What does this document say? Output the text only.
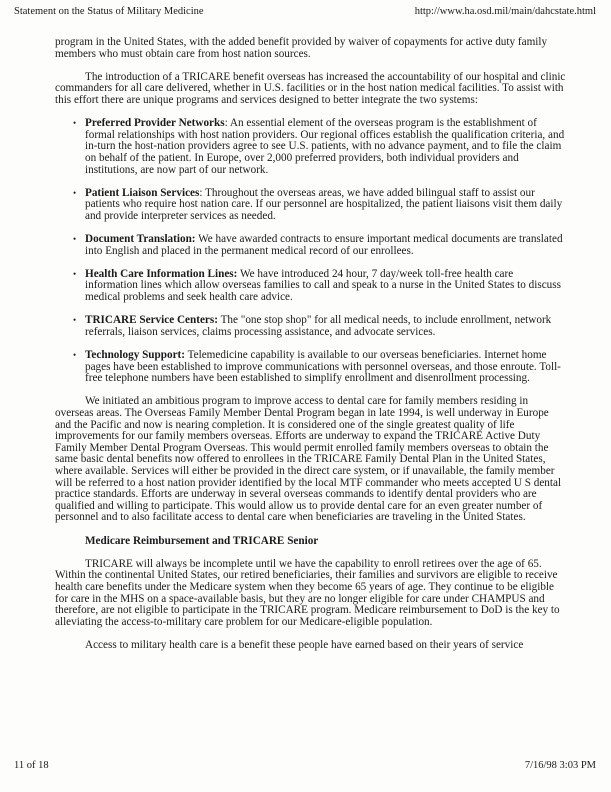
Statement on the Status of Military Medicine	http://www.ha.osd.mil/main/dahcstate.html

program in the United States, with the added benefit provided by waiver of copayments for active duty family members who must obtain care from host nation sources.

The introduction of a TRICARE benefit overseas has increased the accountability of our hospital and clinic commanders for all care delivered, whether in U.S. facilities or in the host nation medical facilities. To assist with this effort there are unique programs and services designed to better integrate the two systems:

• Preferred Provider Networks: An essential element of the overseas program is the establishment of formal relationships with host nation providers. Our regional offices establish the qualification criteria, and in-turn the host-nation providers agree to see U.S. patients, with no advance payment, and to file the claim on behalf of the patient. In Europe, over 2,000 preferred providers, both individual providers and institutions, are now part of our network.
• Patient Liaison Services: Throughout the overseas areas, we have added bilingual staff to assist our patients who require host nation care. If our personnel are hospitalized, the patient liaisons visit them daily and provide interpreter services as needed.
• Document Translation: We have awarded contracts to ensure important medical documents are translated into English and placed in the permanent medical record of our enrollees.
• Health Care Information Lines: We have introduced 24 hour, 7 day/week toll-free health care information lines which allow overseas families to call and speak to a nurse in the United States to discuss medical problems and seek health care advice.
• TRICARE Service Centers: The "one stop shop" for all medical needs, to include enrollment, network referrals, liaison services, claims processing assistance, and advocate services.
• Technology Support: Telemedicine capability is available to our overseas beneficiaries. Internet home pages have been established to improve communications with personnel overseas, and those enroute. Toll-free telephone numbers have been established to simplify enrollment and disenrollment processing.

We initiated an ambitious program to improve access to dental care for family members residing in overseas areas. The Overseas Family Member Dental Program began in late 1994, is well underway in Europe and the Pacific and now is nearing completion. It is considered one of the single greatest quality of life improvements for our family members overseas. Efforts are underway to expand the TRICARE Active Duty Family Member Dental Program Overseas. This would permit enrolled family members overseas to obtain the same basic dental benefits now offered to enrollees in the TRICARE Family Dental Plan in the United States, where available. Services will either be provided in the direct care system, or if unavailable, the family member will be referred to a host nation provider identified by the local MTF commander who meets accepted U S dental practice standards. Efforts are underway in several overseas commands to identify dental providers who are qualified and willing to participate. This would allow us to provide dental care for an even greater number of personnel and to also facilitate access to dental care when beneficiaries are traveling in the United States.

Medicare Reimbursement and TRICARE Senior

TRICARE will always be incomplete until we have the capability to enroll retirees over the age of 65. Within the continental United States, our retired beneficiaries, their families and survivors are eligible to receive health care benefits under the Medicare system when they become 65 years of age. They continue to be eligible for care in the MHS on a space-available basis, but they are no longer eligible for care under CHAMPUS and therefore, are not eligible to participate in the TRICARE program. Medicare reimbursement to DoD is the key to alleviating the access-to-military care problem for our Medicare-eligible population.

Access to military health care is a benefit these people have earned based on their years of service

11 of 18	7/16/98 3:03 PM
